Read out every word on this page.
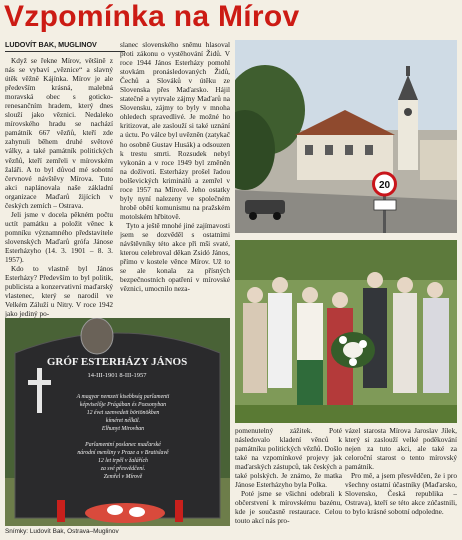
Vzpomínka na Mírov
LUDOVÍT BAK, MUGLINOV

Když se řekne Mírov, většině z nás se vybaví „věznice“ a slavný útěk věžně Kájínka. Mírov je ale především krásná, malebná moravská obec s goticko-renesančním hradem, který dnes slouží jako věznici. Nedaleko mírovského hradu se nachází památník 667 vězňů, kteří zde zahynuli během druhé světové války, a také památník politických vězňů, kteří zemřeli v mírovském žaláři. A to byl důvod mé sobotní červnové návštěvy Mírova. Tuto akci naplánovala naše základní organizace Maďarů žijících v českých zemích – Ostrava.

Jeli jsme v docela pěkném počtu uctít památku a položit věnec k pomníku významného představitele slovenských Maďarů grófa Jánose Esterházyho (14. 3. 1901 – 8. 3. 1957).

Kdo to vlastně byl János Esterházy? Především to byl politik, publicista a konzervativní maďarský vlastenec, který se narodil ve Velkém Záluží u Nitry. V roce 1942 jako jediný po-

slanec slovenského sněmu hlasoval proti zákonu o vystěhování Židů. V roce 1944 János Esterházy pomohl stovkám pronásledovaných Židů, Čechů a Slováků v útěku ze Slovenska přes Maďarsko. Hájil statečně a vytrvale zájmy Maďarů na Slovensku, zájmy to byly v mnoha ohledech spravedlivé. Je možné ho kritizovat, ale zaslouží si také uznání a úctu. Po válce byl uvězněn (zatykač ho osobně Gustav Husák) a odsouzen k trestu smrti. Rozsudek nebyl vykonán a v roce 1949 byl změněn na doživotí. Esterházy prošel řadou bolševických kriminálů a zemřel v roce 1957 na Mírově. Jeho ostatky byly nyní nalezeny ve společném hrobě obětí komunismu na pražském motolském hřbitově.

Tyto a ještě mnohé jiné zajímavosti jsem se dozvěděl s ostatními návštěvníky této akce při mši svaté, kterou celebroval děkan Zsidó János, přímo v kostele věnce Mírov. Už to se ale konala za přísných bezpečnostních opatření v mírovské věznici, umocnilo neza-

pomenutelný zážitek. Poté následovalo kladení věnců k památníku politických vězňů. Došlo také na vzpomínkové projevy jak maďarských zástupců, tak českých a také polských. Je známo, že matka Jánose Esterházyho byla Polka.

Poté jsme se všichni odebrali k občerstvení k mírovskému bazénu, kde je současně restaurace. Celou touto akcí nás pro-

vázel starosta Mírova Jaroslav Jílek, který si zaslouží velké poděkování nejen za tuto akci, ale také za celoroční starost o tento mírovský památník.

Pro mě, a jsem přesvědčen, že i pro všechny ostatní účastníky (Maďarsko, Slovensko, Česká republika – Ostrava), kteří se této akce zúčastnili, to bylo krásné sobotní odpoledne.

20
GRÓF ESTERHÁZY JÁNOS
14-III-1901 8-III-1957
A magyar nemzeti kisebbség parlamenti
képviselője Prágában és Pozsonyban
12 évet szenvedett börtönökben
kíméret nélkül.
Elhunyt Mirovban
Parlamentní poslanec maďarské
národní menšiny v Praze a v Bratislavě
12 let trpěl v žalářích
za své přesvědčení.
Zemřel v Mírově
Snímky: Ludovít Bak, Ostrava–Muglinov
